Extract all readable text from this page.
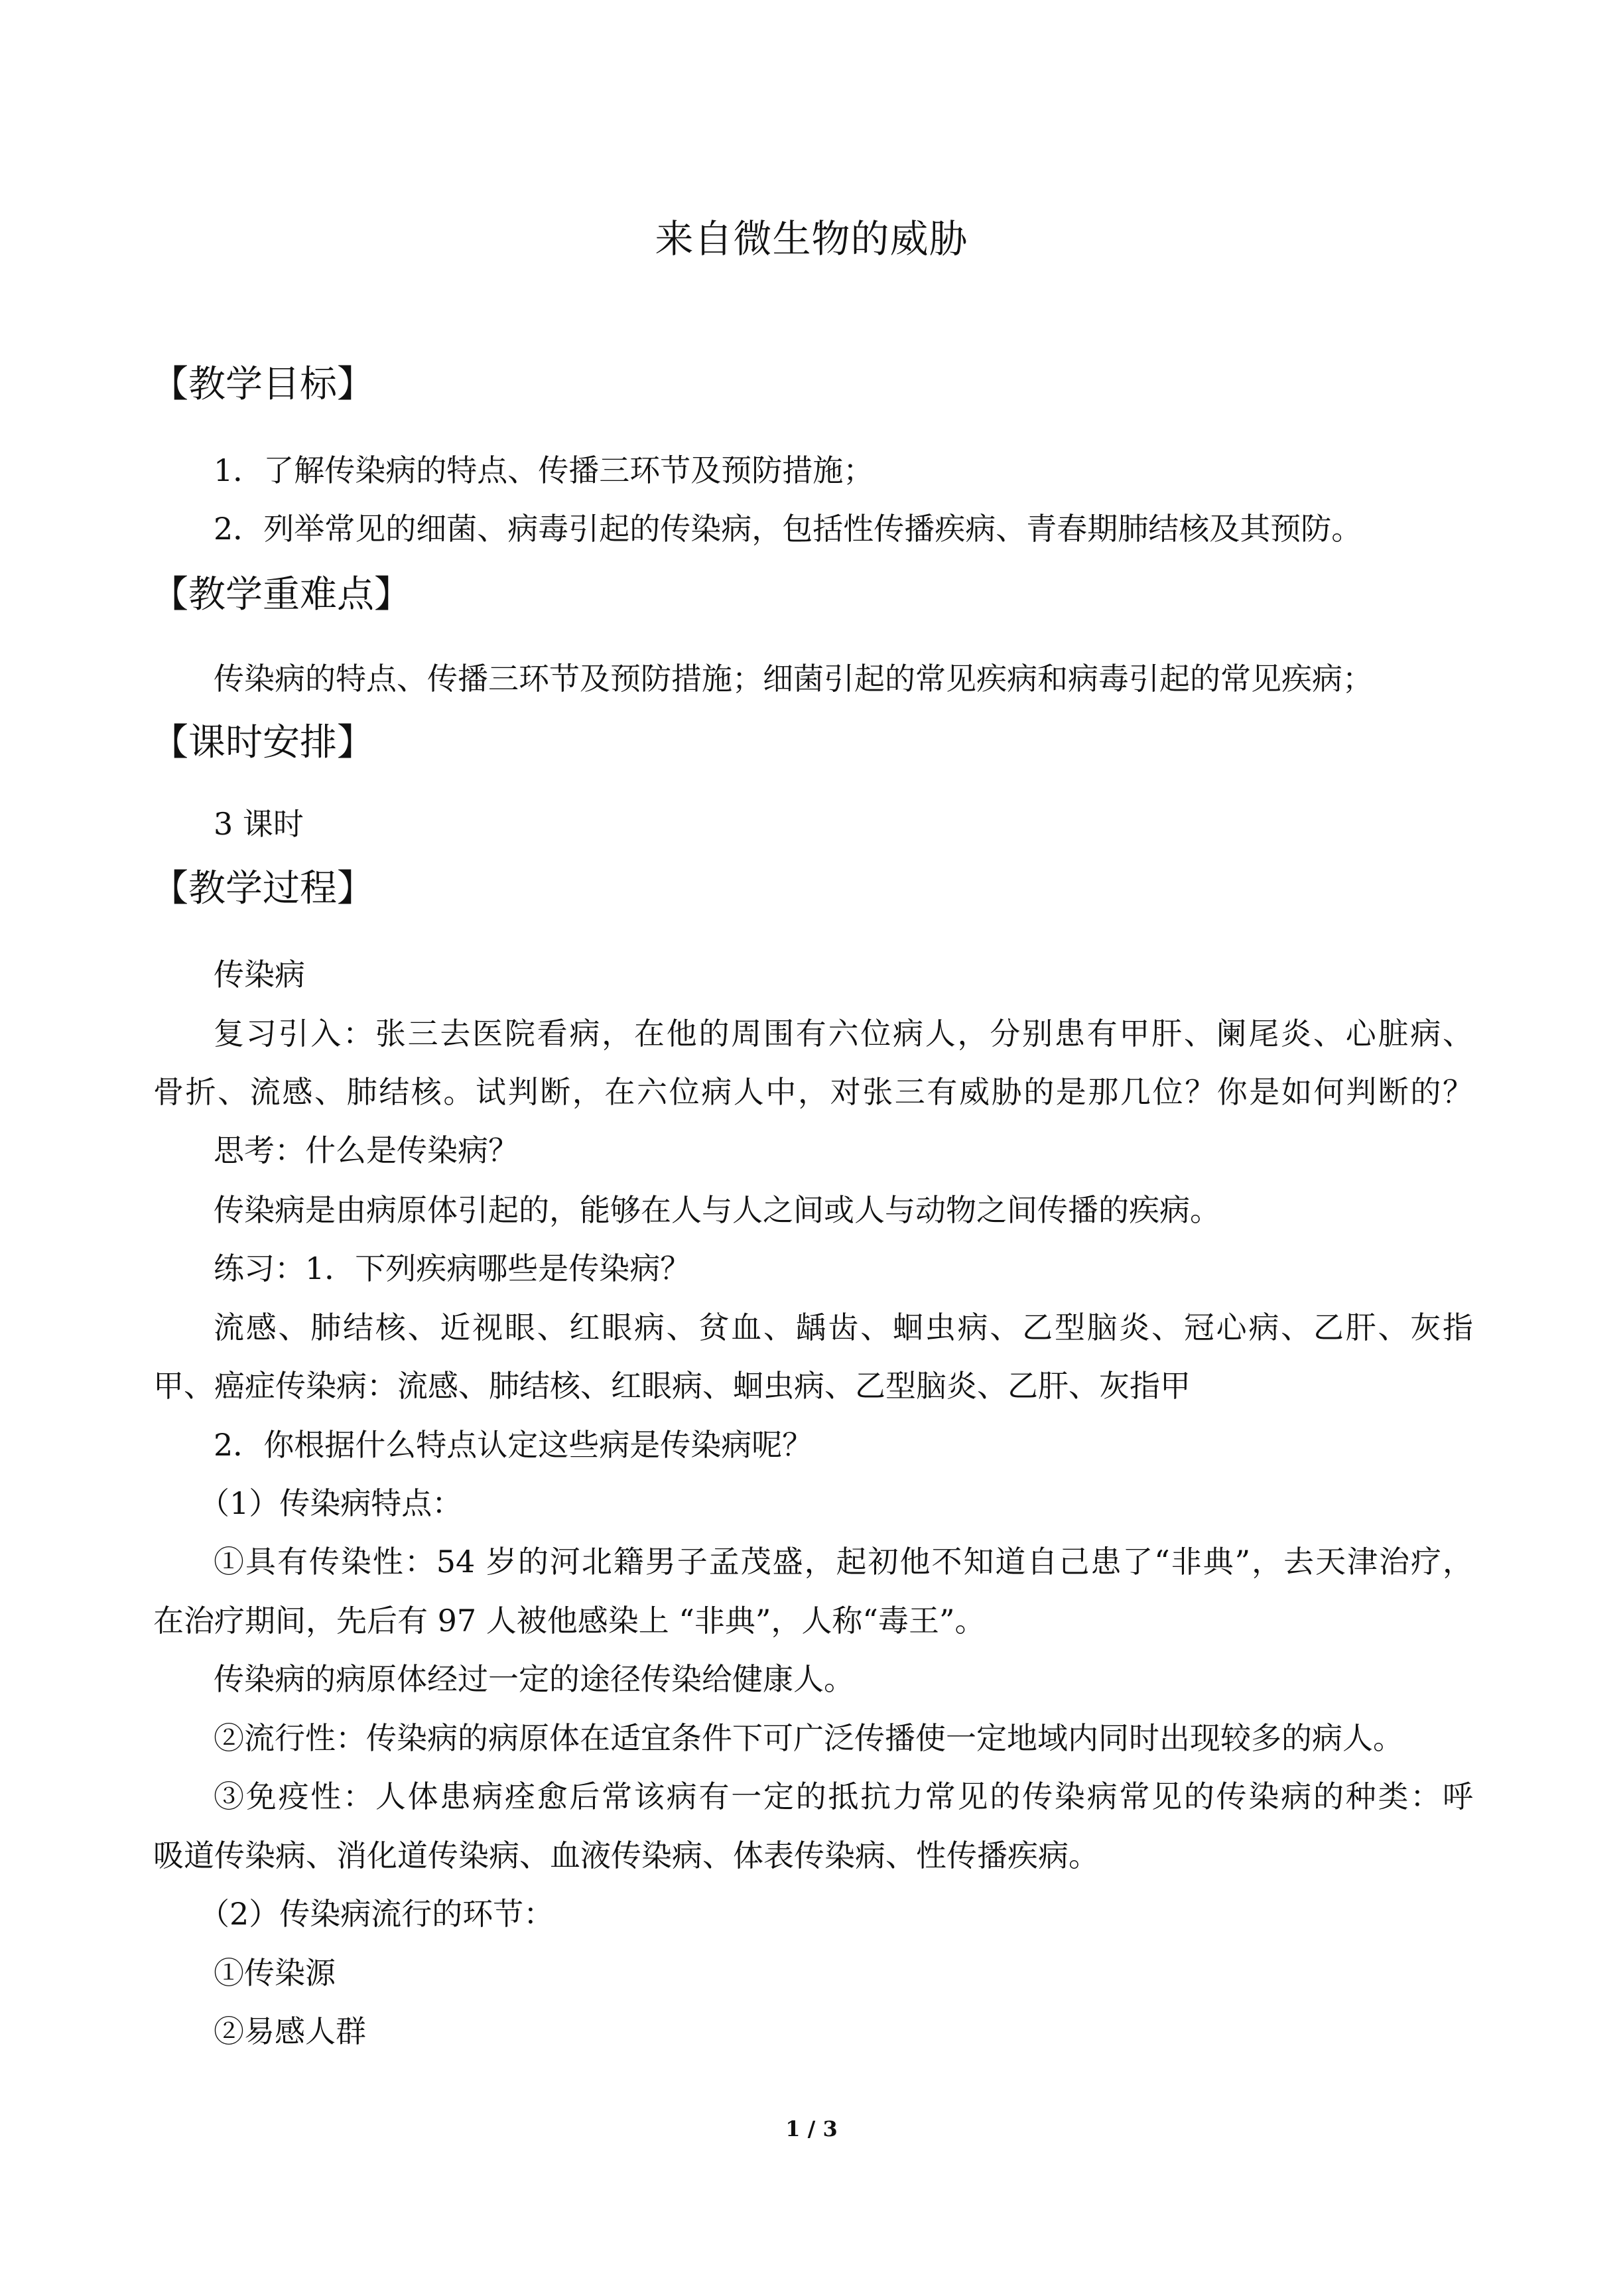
来自微生物的威胁
【教学目标】
1．了解传染病的特点、传播三环节及预防措施；
2．列举常见的细菌、病毒引起的传染病，包括性传播疾病、青春期肺结核及其预防。
【教学重难点】
传染病的特点、传播三环节及预防措施；细菌引起的常见疾病和病毒引起的常见疾病；
【课时安排】
3 课时
【教学过程】
传染病
复习引入：张三去医院看病，在他的周围有六位病人，分别患有甲肝、阑尾炎、心脏病、
骨折、流感、肺结核。试判断，在六位病人中，对张三有威胁的是那几位？你是如何判断的？
思考：什么是传染病？
传染病是由病原体引起的，能够在人与人之间或人与动物之间传播的疾病。
练习：1．下列疾病哪些是传染病？
流感、肺结核、近视眼、红眼病、贫血、龋齿、蛔虫病、乙型脑炎、冠心病、乙肝、灰指
甲、癌症传染病：流感、肺结核、红眼病、蛔虫病、乙型脑炎、乙肝、灰指甲
2．你根据什么特点认定这些病是传染病呢？
（1）传染病特点：
①具有传染性：54 岁的河北籍男子孟茂盛，起初他不知道自己患了“非典”，去天津治疗，
在治疗期间，先后有 97 人被他感染上 “非典”，人称“毒王”。
传染病的病原体经过一定的途径传染给健康人。
②流行性：传染病的病原体在适宜条件下可广泛传播使一定地域内同时出现较多的病人。
③免疫性：人体患病痊愈后常该病有一定的抵抗力常见的传染病常见的传染病的种类：呼
吸道传染病、消化道传染病、血液传染病、体表传染病、性传播疾病。
（2）传染病流行的环节：
①传染源
②易感人群
1 / 3
